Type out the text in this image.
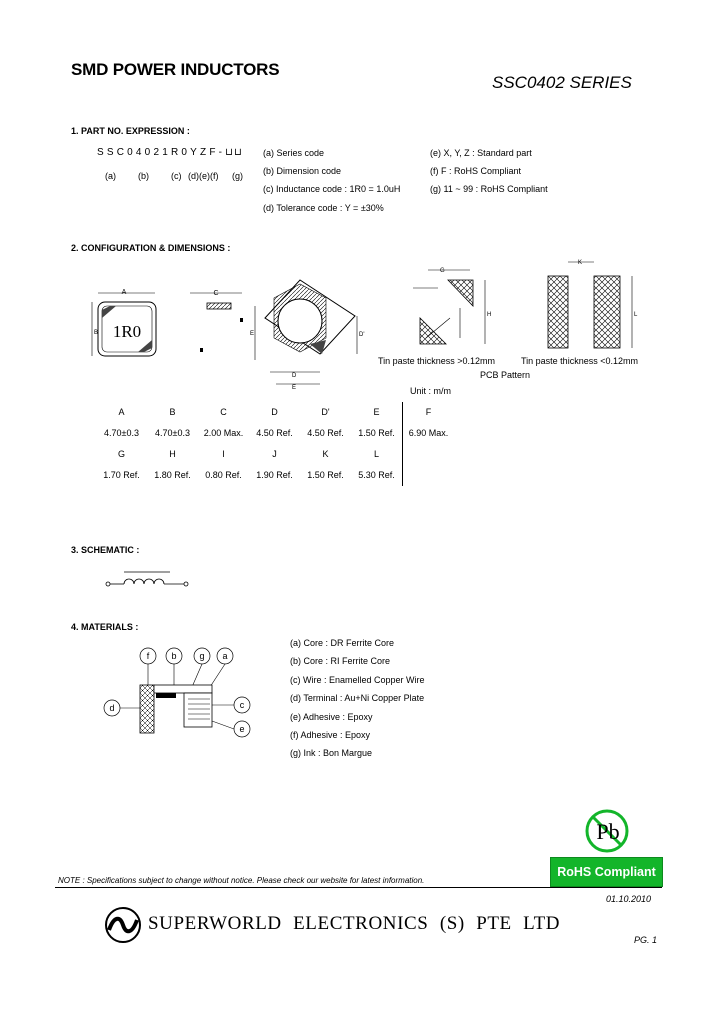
SMD POWER INDUCTORS
SSC0402 SERIES
1. PART NO. EXPRESSION :
SSC04021R0YZF-⊔⊔
(a) (b) (c) (d)(e)(f) (g)
(a) Series code
(b) Dimension code
(c) Inductance code : 1R0 = 1.0uH
(d) Tolerance code : Y = ±30%
(e) X, Y, Z : Standard part
(f) F : RoHS Compliant
(g) 11 ~ 99 : RoHS Compliant
2. CONFIGURATION & DIMENSIONS :
A
1R0
B
C
E
D
E
D'
G
H
K
L
Tin paste thickness >0.12mm	Tin paste thickness <0.12mm
PCB Pattern
Unit : m/m
A	B	C	D	D'	E	F
4.70±0.3	4.70±0.3	2.00 Max.	4.50 Ref.	4.50 Ref.	1.50 Ref.	6.90 Max.
G	H	I	J	K	L	
1.70 Ref.	1.80 Ref.	0.80 Ref.	1.90 Ref.	1.50 Ref.	5.30 Ref.	
3. SCHEMATIC :
4. MATERIALS :
f b	g a
d	c
e
(a) Core : DR Ferrite Core
(b) Core : RI Ferrite Core
(c) Wire : Enamelled Copper Wire
(d) Terminal : Au+Ni Copper Plate
(e) Adhesive : Epoxy
(f) Adhesive : Epoxy
(g) Ink : Bon Margue
Pb
RoHS Compliant
NOTE : Specifications subject to change without notice. Please check our website for latest information.
01.10.2010
SUPERWORLD ELECTRONICS (S) PTE LTD
PG. 1
